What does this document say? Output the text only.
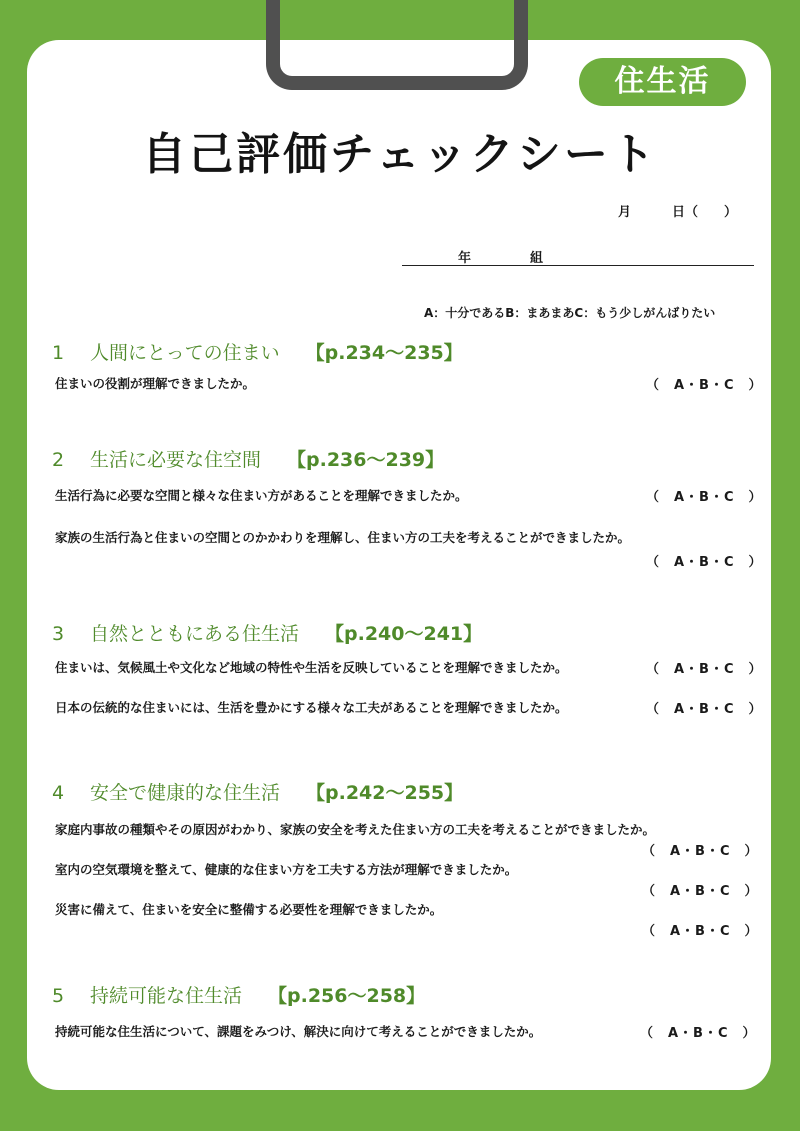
住生活
自己評価チェックシート
月	日（　　）
年	組
A：十分であるB：まあまあC：もう少しがんばりたい
1 人間にとっての住まい 【p.234〜235】
住まいの役割が理解できましたか。	（　A・B・C　）
2 生活に必要な住空間 【p.236〜239】
生活行為に必要な空間と様々な住まい方があることを理解できましたか。	（　A・B・C　）
家族の生活行為と住まいの空間とのかかわりを理解し、住まい方の工夫を考えることができましたか。
（　A・B・C　）
3 自然とともにある住生活 【p.240〜241】
住まいは、気候風土や文化など地域の特性や生活を反映していることを理解できましたか。	（　A・B・C　）
日本の伝統的な住まいには、生活を豊かにする様々な工夫があることを理解できましたか。	（　A・B・C　）
4 安全で健康的な住生活 【p.242〜255】
家庭内事故の種類やその原因がわかり、家族の安全を考えた住まい方の工夫を考えることができましたか。
（　A・B・C　）
室内の空気環境を整えて、健康的な住まい方を工夫する方法が理解できましたか。
（　A・B・C　）
災害に備えて、住まいを安全に整備する必要性を理解できましたか。
（　A・B・C　）
5 持続可能な住生活 【p.256〜258】
持続可能な住生活について、課題をみつけ、解決に向けて考えることができましたか。	（　A・B・C　）
